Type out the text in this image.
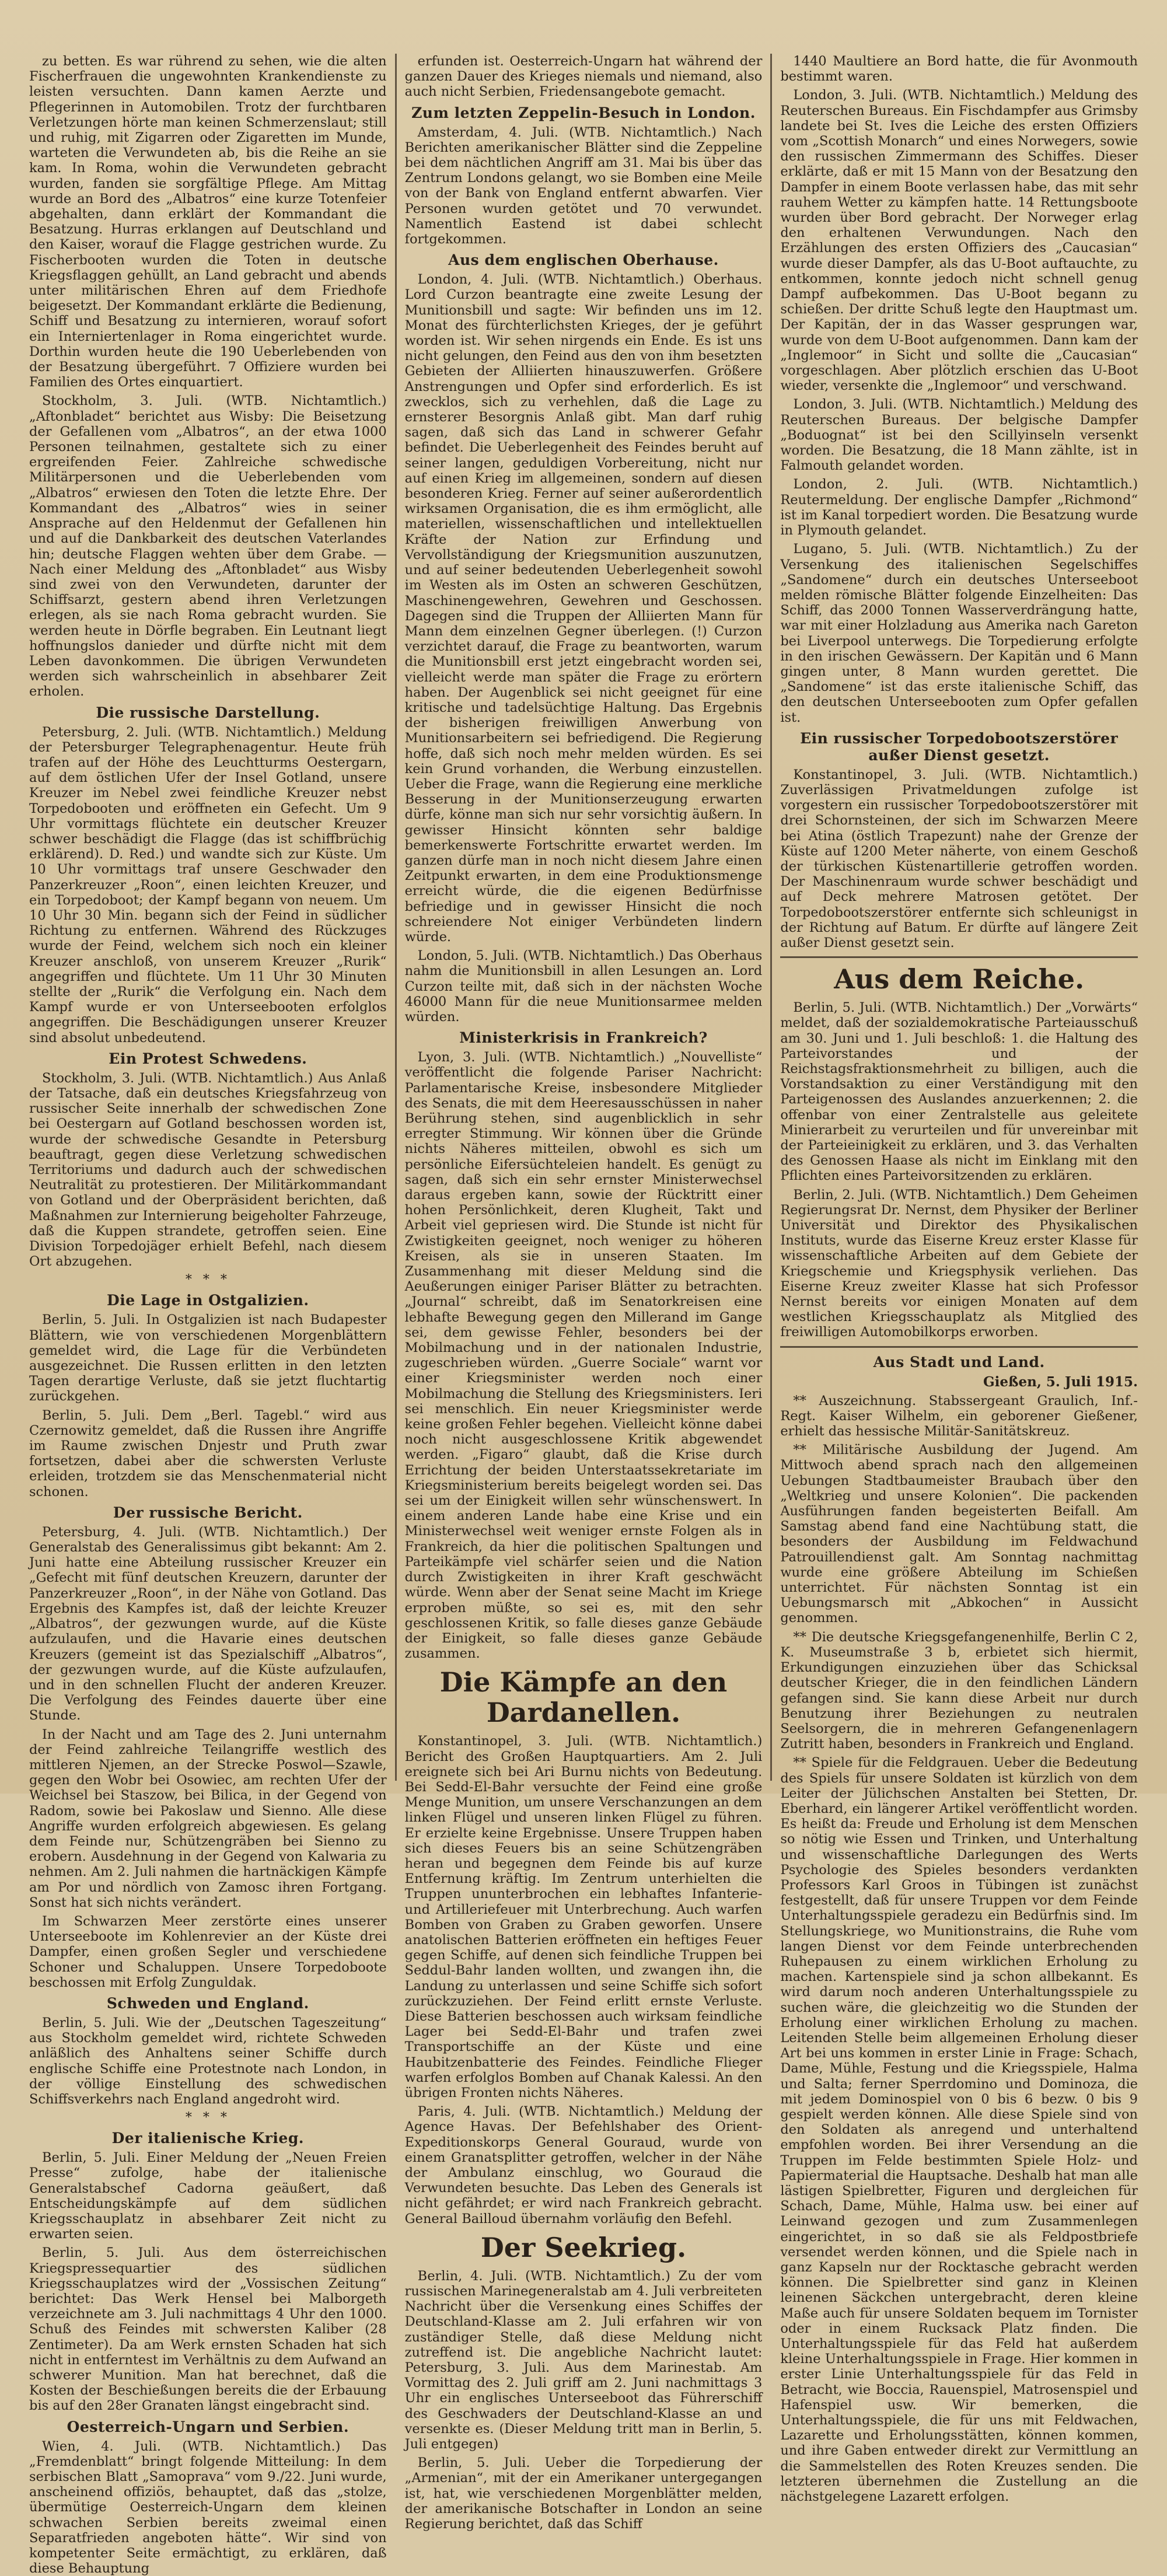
zu betten. Es war rührend zu sehen, wie die alten Fischerfrauen die ungewohnten Krankendienste zu leisten versuchten. Dann kamen Aerzte und Pflegerinnen in Automobilen. Trotz der furchtbaren Verletzungen hörte man keinen Schmerzenslaut; still und ruhig, mit Zigarren oder Zigaretten im Munde, warteten die Verwundeten ab, bis die Reihe an sie kam. In Roma, wohin die Verwundeten gebracht wurden, fanden sie sorgfältige Pflege. Am Mittag wurde an Bord des „Albatros“ eine kurze Totenfeier abgehalten, dann erklärt der Kommandant die Besatzung. Hurras erklangen auf Deutschland und den Kaiser, worauf die Flagge gestrichen wurde. Zu Fischerbooten wurden die Toten in deutsche Kriegsflaggen gehüllt, an Land gebracht und abends unter militärischen Ehren auf dem Friedhofe beigesetzt. Der Kommandant erklärte die Bedienung, Schiff und Besatzung zu internieren, worauf sofort ein Interniertenlager in Roma eingerichtet wurde. Dorthin wurden heute die 190 Ueberlebenden von der Besatzung übergeführt. 7 Offiziere wurden bei Familien des Ortes einquartiert.

Stockholm, 3. Juli. (WTB. Nichtamtlich.) „Aftonbladet“ berichtet aus Wisby: Die Beisetzung der Gefallenen vom „Albatros“, an der etwa 1000 Personen teilnahmen, gestaltete sich zu einer ergreifenden Feier. Zahlreiche schwedische Militärpersonen und die Ueberlebenden vom „Albatros“ erwiesen den Toten die letzte Ehre. Der Kommandant des „Albatros“ wies in seiner Ansprache auf den Heldenmut der Gefallenen hin und auf die Dankbarkeit des deutschen Vaterlandes hin; deutsche Flaggen wehten über dem Grabe. — Nach einer Meldung des „Aftonbladet“ aus Wisby sind zwei von den Verwundeten, darunter der Schiffsarzt, gestern abend ihren Verletzungen erlegen, als sie nach Roma gebracht wurden. Sie werden heute in Dörfle begraben. Ein Leutnant liegt hoffnungslos danieder und dürfte nicht mit dem Leben davonkommen. Die übrigen Verwundeten werden sich wahrscheinlich in absehbarer Zeit erholen.

Die russische Darstellung.

Petersburg, 2. Juli. (WTB. Nichtamtlich.) Meldung der Petersburger Telegraphenagentur. Heute früh trafen auf der Höhe des Leuchtturms Oestergarn, auf dem östlichen Ufer der Insel Gotland, unsere Kreuzer im Nebel zwei feindliche Kreuzer nebst Torpedobooten und eröffneten ein Gefecht. Um 9 Uhr vormittags flüchtete ein deutscher Kreuzer schwer beschädigt die Flagge (das ist schiffbrüchig erklärend). D. Red.) und wandte sich zur Küste. Um 10 Uhr vormittags traf unsere Geschwader den Panzerkreuzer „Roon“, einen leichten Kreuzer, und ein Torpedoboot; der Kampf begann von neuem. Um 10 Uhr 30 Min. begann sich der Feind in südlicher Richtung zu entfernen. Während des Rückzuges wurde der Feind, welchem sich noch ein kleiner Kreuzer anschloß, von unserem Kreuzer „Rurik“ angegriffen und flüchtete. Um 11 Uhr 30 Minuten stellte der „Rurik“ die Verfolgung ein. Nach dem Kampf wurde er von Unterseebooten erfolglos angegriffen. Die Beschädigungen unserer Kreuzer sind absolut unbedeutend.

Ein Protest Schwedens.

Stockholm, 3. Juli. (WTB. Nichtamtlich.) Aus Anlaß der Tatsache, daß ein deutsches Kriegsfahrzeug von russischer Seite innerhalb der schwedischen Zone bei Oestergarn auf Gotland beschossen worden ist, wurde der schwedische Gesandte in Petersburg beauftragt, gegen diese Verletzung schwedischen Territoriums und dadurch auch der schwedischen Neutralität zu protestieren. Der Militärkommandant von Gotland und der Oberpräsident berichten, daß Maßnahmen zur Internierung beigeholter Fahrzeuge, daß die Kuppen strandete, getroffen seien. Eine Division Torpedojäger erhielt Befehl, nach diesem Ort abzugehen.

* * *
Die Lage in Ostgalizien.

Berlin, 5. Juli. In Ostgalizien ist nach Budapester Blättern, wie von verschiedenen Morgenblättern gemeldet wird, die Lage für die Verbündeten ausgezeichnet. Die Russen erlitten in den letzten Tagen derartige Verluste, daß sie jetzt fluchtartig zurückgehen.

Berlin, 5. Juli. Dem „Berl. Tagebl.“ wird aus Czernowitz gemeldet, daß die Russen ihre Angriffe im Raume zwischen Dnjestr und Pruth zwar fortsetzen, dabei aber die schwersten Verluste erleiden, trotzdem sie das Menschenmaterial nicht schonen.

Der russische Bericht.

Petersburg, 4. Juli. (WTB. Nichtamtlich.) Der Generalstab des Generalissimus gibt bekannt: Am 2. Juni hatte eine Abteilung russischer Kreuzer ein „Gefecht mit fünf deutschen Kreuzern, darunter der Panzerkreuzer „Roon“, in der Nähe von Gotland. Das Ergebnis des Kampfes ist, daß der leichte Kreuzer „Albatros“, der gezwungen wurde, auf die Küste aufzulaufen, und die Havarie eines deutschen Kreuzers (gemeint ist das Spezialschiff „Albatros“, der gezwungen wurde, auf die Küste aufzulaufen, und in den schnellen Flucht der anderen Kreuzer. Die Verfolgung des Feindes dauerte über eine Stunde.

In der Nacht und am Tage des 2. Juni unternahm der Feind zahlreiche Teilangriffe westlich des mittleren Njemen, an der Strecke Poswol—Szawle, gegen den Wobr bei Osowiec, am rechten Ufer der Weichsel bei Staszow, bei Bilica, in der Gegend von Radom, sowie bei Pakoslaw und Sienno. Alle diese Angriffe wurden erfolgreich abgewiesen. Es gelang dem Feinde nur, Schützengräben bei Sienno zu erobern. Ausdehnung in der Gegend von Kalwaria zu nehmen. Am 2. Juli nahmen die hartnäckigen Kämpfe am Por und nördlich von Zamosc ihren Fortgang. Sonst hat sich nichts verändert.

Im Schwarzen Meer zerstörte eines unserer Unterseeboote im Kohlenrevier an der Küste drei Dampfer, einen großen Segler und verschiedene Schoner und Schaluppen. Unsere Torpedoboote beschossen mit Erfolg Zunguldak.

Schweden und England.

Berlin, 5. Juli. Wie der „Deutschen Tageszeitung“ aus Stockholm gemeldet wird, richtete Schweden anläßlich des Anhaltens seiner Schiffe durch englische Schiffe eine Protestnote nach London, in der völlige Einstellung des schwedischen Schiffsverkehrs nach England angedroht wird.

* * *
Der italienische Krieg.

Berlin, 5. Juli. Einer Meldung der „Neuen Freien Presse“ zufolge, habe der italienische Generalstabschef Cadorna geäußert, daß Entscheidungskämpfe auf dem südlichen Kriegsschauplatz in absehbarer Zeit nicht zu erwarten seien.

Berlin, 5. Juli. Aus dem österreichischen Kriegspressequartier des südlichen Kriegsschauplatzes wird der „Vossischen Zeitung“ berichtet: Das Werk Hensel bei Malborgeth verzeichnete am 3. Juli nachmittags 4 Uhr den 1000. Schuß des Feindes mit schwersten Kaliber (28 Zentimeter). Da am Werk ernsten Schaden hat sich nicht in entferntest im Verhältnis zu dem Aufwand an schwerer Munition. Man hat berechnet, daß die Kosten der Beschießungen bereits die der Erbauung bis auf den 28er Granaten längst eingebracht sind.

Oesterreich-Ungarn und Serbien.

Wien, 4. Juli. (WTB. Nichtamtlich.) Das „Fremdenblatt“ bringt folgende Mitteilung: In dem serbischen Blatt „Samoprava“ vom 9./22. Juni wurde, anscheinend offiziös, behauptet, daß das „stolze, übermütige Oesterreich-Ungarn dem kleinen schwachen Serbien bereits zweimal einen Separatfrieden angeboten hätte“. Wir sind von kompetenter Seite ermächtigt, zu erklären, daß diese Behauptung

erfunden ist. Oesterreich-Ungarn hat während der ganzen Dauer des Krieges niemals und niemand, also auch nicht Serbien, Friedensangebote gemacht.

Zum letzten Zeppelin-Besuch in London.

Amsterdam, 4. Juli. (WTB. Nichtamtlich.) Nach Berichten amerikanischer Blätter sind die Zeppeline bei dem nächtlichen Angriff am 31. Mai bis über das Zentrum Londons gelangt, wo sie Bomben eine Meile von der Bank von England entfernt abwarfen. Vier Personen wurden getötet und 70 verwundet. Namentlich Eastend ist dabei schlecht fortgekommen.

Aus dem englischen Oberhause.

London, 4. Juli. (WTB. Nichtamtlich.) Oberhaus. Lord Curzon beantragte eine zweite Lesung der Munitionsbill und sagte: Wir befinden uns im 12. Monat des fürchterlichsten Krieges, der je geführt worden ist. Wir sehen nirgends ein Ende. Es ist uns nicht gelungen, den Feind aus den von ihm besetzten Gebieten der Alliierten hinauszuwerfen. Größere Anstrengungen und Opfer sind erforderlich. Es ist zwecklos, sich zu verhehlen, daß die Lage zu ernsterer Besorgnis Anlaß gibt. Man darf ruhig sagen, daß sich das Land in schwerer Gefahr befindet. Die Ueberlegenheit des Feindes beruht auf seiner langen, geduldigen Vorbereitung, nicht nur auf einen Krieg im allgemeinen, sondern auf diesen besonderen Krieg. Ferner auf seiner außerordentlich wirksamen Organisation, die es ihm ermöglicht, alle materiellen, wissenschaftlichen und intellektuellen Kräfte der Nation zur Erfindung und Vervollständigung der Kriegsmunition auszunutzen, und auf seiner bedeutenden Ueberlegenheit sowohl im Westen als im Osten an schweren Geschützen, Maschinengewehren, Gewehren und Geschossen. Dagegen sind die Truppen der Alliierten Mann für Mann dem einzelnen Gegner überlegen. (!) Curzon verzichtet darauf, die Frage zu beantworten, warum die Munitionsbill erst jetzt eingebracht worden sei, vielleicht werde man später die Frage zu erörtern haben. Der Augenblick sei nicht geeignet für eine kritische und tadelsüchtige Haltung. Das Ergebnis der bisherigen freiwilligen Anwerbung von Munitionsarbeitern sei befriedigend. Die Regierung hoffe, daß sich noch mehr melden würden. Es sei kein Grund vorhanden, die Werbung einzustellen. Ueber die Frage, wann die Regierung eine merkliche Besserung in der Munitionserzeugung erwarten dürfe, könne man sich nur sehr vorsichtig äußern. In gewisser Hinsicht könnten sehr baldige bemerkenswerte Fortschritte erwartet werden. Im ganzen dürfe man in noch nicht diesem Jahre einen Zeitpunkt erwarten, in dem eine Produktionsmenge erreicht würde, die die eigenen Bedürfnisse befriedige und in gewisser Hinsicht die noch schreiendere Not einiger Verbündeten lindern würde.

London, 5. Juli. (WTB. Nichtamtlich.) Das Oberhaus nahm die Munitionsbill in allen Lesungen an. Lord Curzon teilte mit, daß sich in der nächsten Woche 46000 Mann für die neue Munitionsarmee melden würden.

Ministerkrisis in Frankreich?

Lyon, 3. Juli. (WTB. Nichtamtlich.) „Nouvelliste“ veröffentlicht die folgende Pariser Nachricht: Parlamentarische Kreise, insbesondere Mitglieder des Senats, die mit dem Heeresausschüssen in naher Berührung stehen, sind augenblicklich in sehr erregter Stimmung. Wir können über die Gründe nichts Näheres mitteilen, obwohl es sich um persönliche Eifersüchteleien handelt. Es genügt zu sagen, daß sich ein sehr ernster Ministerwechsel daraus ergeben kann, sowie der Rücktritt einer hohen Persönlichkeit, deren Klugheit, Takt und Arbeit viel gepriesen wird. Die Stunde ist nicht für Zwistigkeiten geeignet, noch weniger zu höheren Kreisen, als sie in unseren Staaten. Im Zusammenhang mit dieser Meldung sind die Aeußerungen einiger Pariser Blätter zu betrachten. „Journal“ schreibt, daß im Senatorkreisen eine lebhafte Bewegung gegen den Millerand im Gange sei, dem gewisse Fehler, besonders bei der Mobilmachung und in der nationalen Industrie, zugeschrieben würden. „Guerre Sociale“ warnt vor einer Kriegsminister werden noch einer Mobilmachung die Stellung des Kriegsministers. Ieri sei menschlich. Ein neuer Kriegsminister werde keine großen Fehler begehen. Vielleicht könne dabei noch nicht ausgeschlossene Kritik abgewendet werden. „Figaro“ glaubt, daß die Krise durch Errichtung der beiden Unterstaatssekretariate im Kriegsministerium bereits beigelegt worden sei. Das sei um der Einigkeit willen sehr wünschenswert. In einem anderen Lande habe eine Krise und ein Ministerwechsel weit weniger ernste Folgen als in Frankreich, da hier die politischen Spaltungen und Parteikämpfe viel schärfer seien und die Nation durch Zwistigkeiten in ihrer Kraft geschwächt würde. Wenn aber der Senat seine Macht im Kriege erproben müßte, so sei es, mit den sehr geschlossenen Kritik, so falle dieses ganze Gebäude der Einigkeit, so falle dieses ganze Gebäude zusammen.

Die Kämpfe an den Dardanellen.

Konstantinopel, 3. Juli. (WTB. Nichtamtlich.) Bericht des Großen Hauptquartiers. Am 2. Juli ereignete sich bei Ari Burnu nichts von Bedeutung. Bei Sedd-El-Bahr versuchte der Feind eine große Menge Munition, um unsere Verschanzungen an dem linken Flügel und unseren linken Flügel zu führen. Er erzielte keine Ergebnisse. Unsere Truppen haben sich dieses Feuers bis an seine Schützengräben heran und begegnen dem Feinde bis auf kurze Entfernung kräftig. Im Zentrum unterhielten die Truppen ununterbrochen ein lebhaftes Infanterie- und Artilleriefeuer mit Unterbrechung. Auch warfen Bomben von Graben zu Graben geworfen. Unsere anatolischen Batterien eröffneten ein heftiges Feuer gegen Schiffe, auf denen sich feindliche Truppen bei Seddul-Bahr landen wollten, und zwangen ihn, die Landung zu unterlassen und seine Schiffe sich sofort zurückzuziehen. Der Feind erlitt ernste Verluste. Diese Batterien beschossen auch wirksam feindliche Lager bei Sedd-El-Bahr und trafen zwei Transportschiffe an der Küste und eine Haubitzenbatterie des Feindes. Feindliche Flieger warfen erfolglos Bomben auf Chanak Kalessi. An den übrigen Fronten nichts Näheres.

Paris, 4. Juli. (WTB. Nichtamtlich.) Meldung der Agence Havas. Der Befehlshaber des Orient-Expeditionskorps General Gouraud, wurde von einem Granatsplitter getroffen, welcher in der Nähe der Ambulanz einschlug, wo Gouraud die Verwundeten besuchte. Das Leben des Generals ist nicht gefährdet; er wird nach Frankreich gebracht. General Bailloud übernahm vorläufig den Befehl.

Der Seekrieg.

Berlin, 4. Juli. (WTB. Nichtamtlich.) Zu der vom russischen Marinegeneralstab am 4. Juli verbreiteten Nachricht über die Versenkung eines Schiffes der Deutschland-Klasse am 2. Juli erfahren wir von zuständiger Stelle, daß diese Meldung nicht zutreffend ist. Die angebliche Nachricht lautet: Petersburg, 3. Juli. Aus dem Marinestab. Am Vormittag des 2. Juli griff am 2. Juni nachmittags 3 Uhr ein englisches Unterseeboot das Führerschiff des Geschwaders der Deutschland-Klasse an und versenkte es. (Dieser Meldung tritt man in Berlin, 5. Juli entgegen)

Berlin, 5. Juli. Ueber die Torpedierung der „Armenian“, mit der ein Amerikaner untergegangen ist, hat, wie verschiedenen Morgenblätter melden, der amerikanische Botschafter in London an seine Regierung berichtet, daß das Schiff

1440 Maultiere an Bord hatte, die für Avonmouth bestimmt waren.

London, 3. Juli. (WTB. Nichtamtlich.) Meldung des Reuterschen Bureaus. Ein Fischdampfer aus Grimsby landete bei St. Ives die Leiche des ersten Offiziers vom „Scottish Monarch“ und eines Norwegers, sowie den russischen Zimmermann des Schiffes. Dieser erklärte, daß er mit 15 Mann von der Besatzung den Dampfer in einem Boote verlassen habe, das mit sehr rauhem Wetter zu kämpfen hatte. 14 Rettungsboote wurden über Bord gebracht. Der Norweger erlag den erhaltenen Verwundungen. Nach den Erzählungen des ersten Offiziers des „Caucasian“ wurde dieser Dampfer, als das U-Boot auftauchte, zu entkommen, konnte jedoch nicht schnell genug Dampf aufbekommen. Das U-Boot begann zu schießen. Der dritte Schuß legte den Hauptmast um. Der Kapitän, der in das Wasser gesprungen war, wurde von dem U-Boot aufgenommen. Dann kam der „Inglemoor“ in Sicht und sollte die „Caucasian“ vorgeschlagen. Aber plötzlich erschien das U-Boot wieder, versenkte die „Inglemoor“ und verschwand.

London, 3. Juli. (WTB. Nichtamtlich.) Meldung des Reuterschen Bureaus. Der belgische Dampfer „Boduognat“ ist bei den Scillyinseln versenkt worden. Die Besatzung, die 18 Mann zählte, ist in Falmouth gelandet worden.

London, 2. Juli. (WTB. Nichtamtlich.) Reutermeldung. Der englische Dampfer „Richmond“ ist im Kanal torpediert worden. Die Besatzung wurde in Plymouth gelandet.

Lugano, 5. Juli. (WTB. Nichtamtlich.) Zu der Versenkung des italienischen Segelschiffes „Sandomene“ durch ein deutsches Unterseeboot melden römische Blätter folgende Einzelheiten: Das Schiff, das 2000 Tonnen Wasserverdrängung hatte, war mit einer Holzladung aus Amerika nach Gareton bei Liverpool unterwegs. Die Torpedierung erfolgte in den irischen Gewässern. Der Kapitän und 6 Mann gingen unter, 8 Mann wurden gerettet. Die „Sandomene“ ist das erste italienische Schiff, das den deutschen Unterseebooten zum Opfer gefallen ist.

Ein russischer Torpedobootszerstörer außer Dienst gesetzt.

Konstantinopel, 3. Juli. (WTB. Nichtamtlich.) Zuverlässigen Privatmeldungen zufolge ist vorgestern ein russischer Torpedobootszerstörer mit drei Schornsteinen, der sich im Schwarzen Meere bei Atina (östlich Trapezunt) nahe der Grenze der Küste auf 1200 Meter näherte, von einem Geschoß der türkischen Küstenartillerie getroffen worden. Der Maschinenraum wurde schwer beschädigt und auf Deck mehrere Matrosen getötet. Der Torpedobootszerstörer entfernte sich schleunigst in der Richtung auf Batum. Er dürfte auf längere Zeit außer Dienst gesetzt sein.

Aus dem Reiche.

Berlin, 5. Juli. (WTB. Nichtamtlich.) Der „Vorwärts“ meldet, daß der sozialdemokratische Parteiausschuß am 30. Juni und 1. Juli beschloß: 1. die Haltung des Parteivorstandes und der Reichstagsfraktionsmehrheit zu billigen, auch die Vorstandsaktion zu einer Verständigung mit den Parteigenossen des Auslandes anzuerkennen; 2. die offenbar von einer Zentralstelle aus geleitete Minierarbeit zu verurteilen und für unvereinbar mit der Parteieinigkeit zu erklären, und 3. das Verhalten des Genossen Haase als nicht im Einklang mit den Pflichten eines Parteivorsitzenden zu erklären.

Berlin, 2. Juli. (WTB. Nichtamtlich.) Dem Geheimen Regierungsrat Dr. Nernst, dem Physiker der Berliner Universität und Direktor des Physikalischen Instituts, wurde das Eiserne Kreuz erster Klasse für wissenschaftliche Arbeiten auf dem Gebiete der Kriegschemie und Kriegsphysik verliehen. Das Eiserne Kreuz zweiter Klasse hat sich Professor Nernst bereits vor einigen Monaten auf dem westlichen Kriegsschauplatz als Mitglied des freiwilligen Automobilkorps erworben.

Aus Stadt und Land.
Gießen, 5. Juli 1915.

** Auszeichnung. Stabssergeant Graulich, Inf.-Regt. Kaiser Wilhelm, ein geborener Gießener, erhielt das hessische Militär-Sanitätskreuz.

** Militärische Ausbildung der Jugend. Am Mittwoch abend sprach nach den allgemeinen Uebungen Stadtbaumeister Braubach über den „Weltkrieg und unsere Kolonien“. Die packenden Ausführungen fanden begeisterten Beifall. Am Samstag abend fand eine Nachtübung statt, die besonders der Ausbildung im Feldwachund Patrouillendienst galt. Am Sonntag nachmittag wurde eine größere Abteilung im Schießen unterrichtet. Für nächsten Sonntag ist ein Uebungsmarsch mit „Abkochen“ in Aussicht genommen.

** Die deutsche Kriegsgefangenenhilfe, Berlin C 2, K. Museumstraße 3 b, erbietet sich hiermit, Erkundigungen einzuziehen über das Schicksal deutscher Krieger, die in den feindlichen Ländern gefangen sind. Sie kann diese Arbeit nur durch Benutzung ihrer Beziehungen zu neutralen Seelsorgern, die in mehreren Gefangenenlagern Zutritt haben, besonders in Frankreich und England.

** Spiele für die Feldgrauen. Ueber die Bedeutung des Spiels für unsere Soldaten ist kürzlich von dem Leiter der Jülichschen Anstalten bei Stetten, Dr. Eberhard, ein längerer Artikel veröffentlicht worden. Es heißt da: Freude und Erholung ist dem Menschen so nötig wie Essen und Trinken, und Unterhaltung und wissenschaftliche Darlegungen des Werts Psychologie des Spieles besonders verdankten Professors Karl Groos in Tübingen ist zunächst festgestellt, daß für unsere Truppen vor dem Feinde Unterhaltungsspiele geradezu ein Bedürfnis sind. Im Stellungskriege, wo Munitionstrains, die Ruhe vom langen Dienst vor dem Feinde unterbrechenden Ruhepausen zu einem wirklichen Erholung zu machen. Kartenspiele sind ja schon allbekannt. Es wird darum noch anderen Unterhaltungsspiele zu suchen wäre, die gleichzeitig wo die Stunden der Erholung einer wirklichen Erholung zu machen. Leitenden Stelle beim allgemeinen Erholung dieser Art bei uns kommen in erster Linie in Frage: Schach, Dame, Mühle, Festung und die Kriegsspiele, Halma und Salta; ferner Sperrdomino und Dominoza, die mit jedem Dominospiel von 0 bis 6 bezw. 0 bis 9 gespielt werden können. Alle diese Spiele sind von den Soldaten als anregend und unterhaltend empfohlen worden. Bei ihrer Versendung an die Truppen im Felde bestimmten Spiele Holz- und Papiermaterial die Hauptsache. Deshalb hat man alle lästigen Spielbretter, Figuren und dergleichen für Schach, Dame, Mühle, Halma usw. bei einer auf Leinwand gezogen und zum Zusammenlegen eingerichtet, in so daß sie als Feldpostbriefe versendet werden können, und die Spiele nach in ganz Kapseln nur der Rocktasche gebracht werden können. Die Spielbretter sind ganz in Kleinen leinenen Säckchen untergebracht, deren kleine Maße auch für unsere Soldaten bequem im Tornister oder in einem Rucksack Platz finden. Die Unterhaltungsspiele für das Feld hat außerdem kleine Unterhaltungsspiele in Frage. Hier kommen in erster Linie Unterhaltungsspiele für das Feld in Betracht, wie Boccia, Rauenspiel, Matrosenspiel und Hafenspiel usw. Wir bemerken, die Unterhaltungsspiele, die für uns mit Feldwachen, Lazarette und Erholungsstätten, können kommen, und ihre Gaben entweder direkt zur Vermittlung an die Sammelstellen des Roten Kreuzes senden. Die letzteren übernehmen die Zustellung an die nächstgelegene Lazarett erfolgen.
